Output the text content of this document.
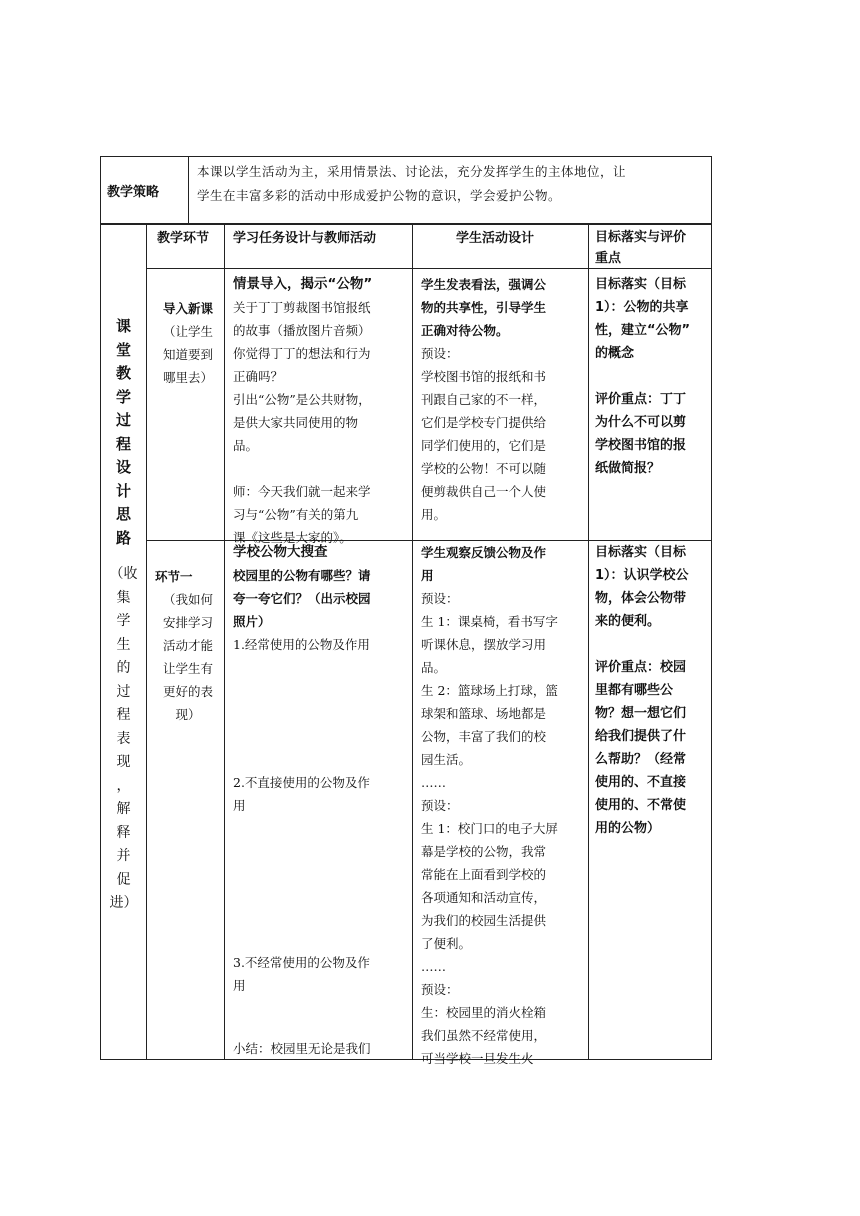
教学策略
本课以学生活动为主，采用情景法、讨论法，充分发挥学生的主体地位，让
学生在丰富多彩的活动中形成爱护公物的意识，学会爱护公物。
课
堂
教
学
过
程
设
计
思
路
（收
集
学
生
的
过
程
表
现
，
解
释
并
促
进）
教学环节 学习任务设计与教师活动	学生活动设计	目标落实与评价
重点
导入新课
（让学生
知道要到
哪里去）
情景导入，揭示“公物”
关于丁丁剪裁图书馆报纸
的故事（播放图片音频）
你觉得丁丁的想法和行为
正确吗？
引出“公物”是公共财物，
是供大家共同使用的物
品。
师：今天我们就一起来学
习与“公物”有关的第九
课《这些是大家的》。
学生发表看法，强调公
物的共享性，引导学生
正确对待公物。
预设：
学校图书馆的报纸和书
刊跟自己家的不一样，
它们是学校专门提供给
同学们使用的，它们是
学校的公物！不可以随
便剪裁供自己一个人使
用。
目标落实（目标
1）：公物的共享
性，建立“公物”
的概念
评价重点：丁丁
为什么不可以剪
学校图书馆的报
纸做简报？
环节一
（我如何
安排学习
活动才能
让学生有
更好的表
现）
学校公物大搜查
校园里的公物有哪些？请
夸一夸它们？（出示校园
照片）
1.经常使用的公物及作用
2.不直接使用的公物及作
用
3.不经常使用的公物及作
用
小结：校园里无论是我们
学生观察反馈公物及作
用
预设：
生 1：课桌椅，看书写字
听课休息，摆放学习用
品。
生 2：篮球场上打球，篮
球架和篮球、场地都是
公物，丰富了我们的校
园生活。
……
预设：
生 1：校门口的电子大屏
幕是学校的公物，我常
常能在上面看到学校的
各项通知和活动宣传，
为我们的校园生活提供
了便利。
……
预设：
生：校园里的消火栓箱
我们虽然不经常使用，
可当学校一旦发生火
目标落实（目标
1）：认识学校公
物，体会公物带
来的便利。
评价重点：校园
里都有哪些公
物？想一想它们
给我们提供了什
么帮助？（经常
使用的、不直接
使用的、不常使
用的公物）
